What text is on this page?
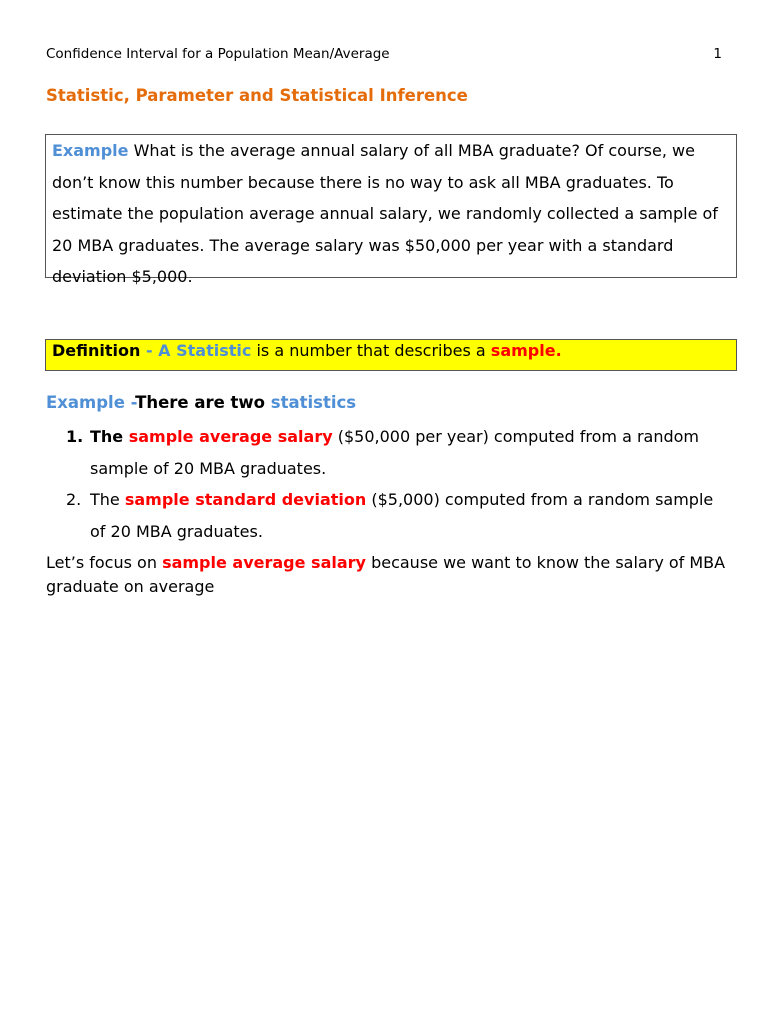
Confidence Interval for a Population Mean/Average	1
Statistic, Parameter and Statistical Inference
Example What is the average annual salary of all MBA graduate? Of course, we don’t know this number because there is no way to ask all MBA graduates. To estimate the population average annual salary, we randomly collected a sample of 20 MBA graduates. The average salary was $50,000 per year with a standard deviation $5,000.
Definition - A Statistic is a number that describes a sample.
Example -There are two statistics
1. The sample average salary ($50,000 per year) computed from a random sample of 20 MBA graduates.
2. The sample standard deviation ($5,000) computed from a random sample of 20 MBA graduates.
Let’s focus on sample average salary because we want to know the salary of MBA graduate on average
